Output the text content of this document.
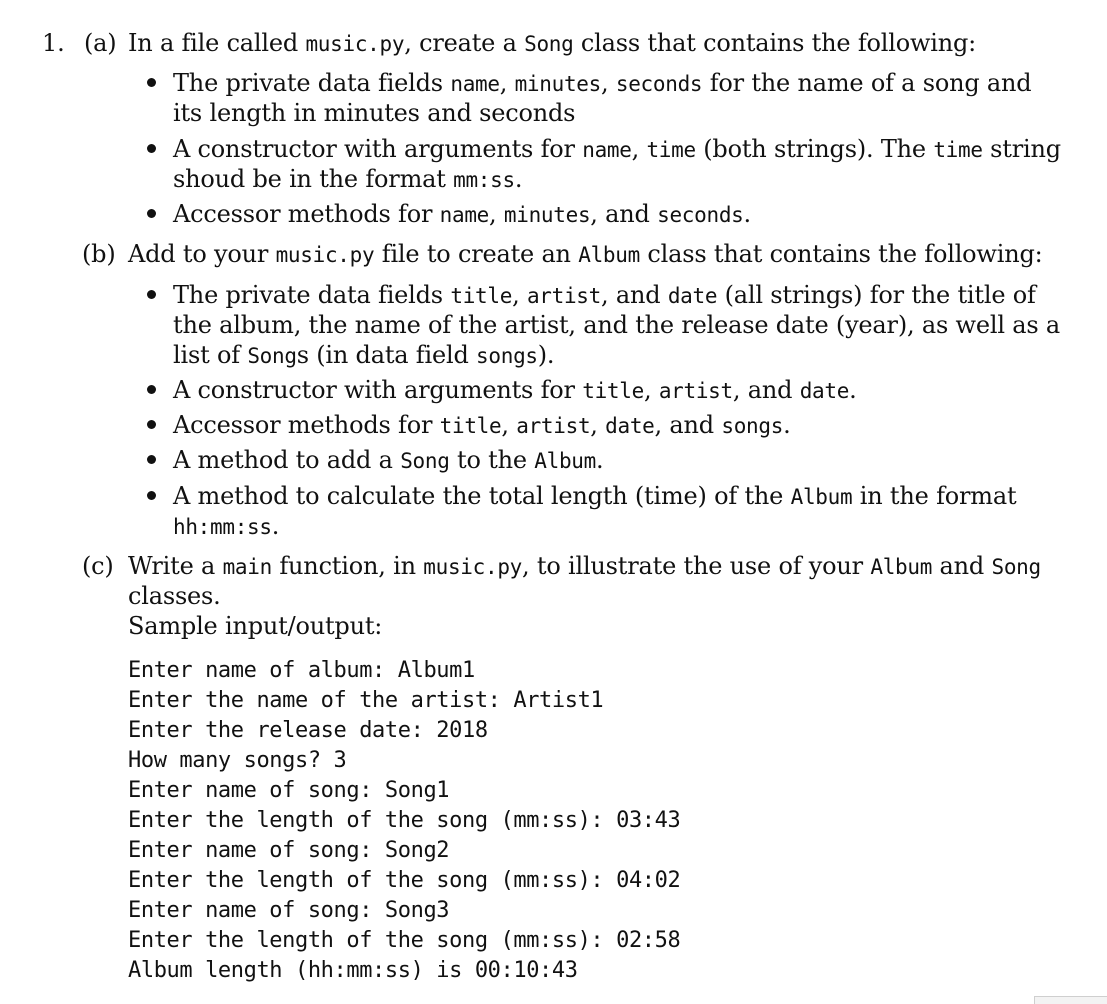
1. (a) In a file called music.py, create a Song class that contains the following:
The private data fields name, minutes, seconds for the name of a song and
its length in minutes and seconds
A constructor with arguments for name, time (both strings). The time string
shoud be in the format mm:ss.
Accessor methods for name, minutes, and seconds.
(b) Add to your music.py file to create an Album class that contains the following:
The private data fields title, artist, and date (all strings) for the title of
the album, the name of the artist, and the release date (year), as well as a
list of Songs (in data field songs).
A constructor with arguments for title, artist, and date.
Accessor methods for title, artist, date, and songs.
A method to add a Song to the Album.
A method to calculate the total length (time) of the Album in the format
hh:mm:ss.
(c) Write a main function, in music.py, to illustrate the use of your Album and Song
classes.
Sample input/output:
Enter name of album: Album1
Enter the name of the artist: Artist1
Enter the release date: 2018
How many songs? 3
Enter name of song: Song1
Enter the length of the song (mm:ss): 03:43
Enter name of song: Song2
Enter the length of the song (mm:ss): 04:02
Enter name of song: Song3
Enter the length of the song (mm:ss): 02:58
Album length (hh:mm:ss) is 00:10:43
